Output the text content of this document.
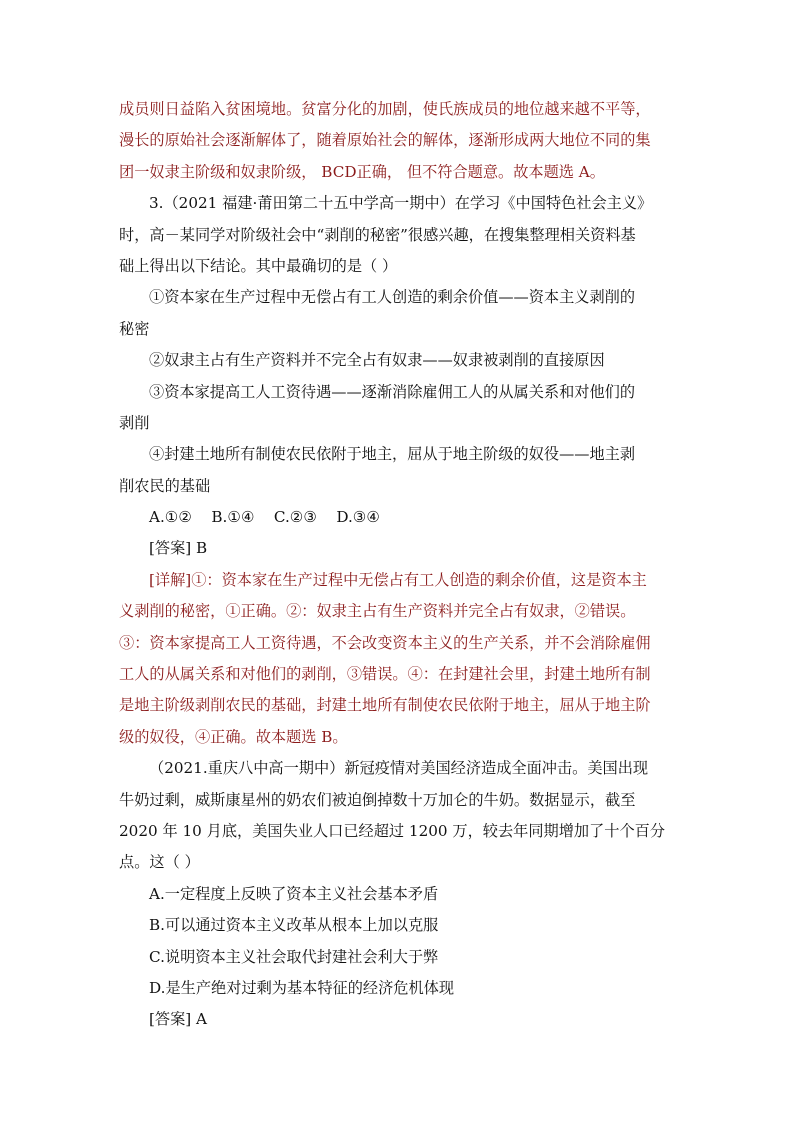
成员则日益陷入贫困境地。贫富分化的加剧，使氏族成员的地位越来越不平等，
漫长的原始社会逐渐解体了，随着原始社会的解体，逐渐形成两大地位不同的集
团一奴隶主阶级和奴隶阶级， BCD正确， 但不符合题意。故本题选 A。
3.（2021 福建·莆田第二十五中学高一期中）在学习《中国特色社会主义》
时，高－某同学对阶级社会中“剥削的秘密”很感兴趣，在搜集整理相关资料基
础上得出以下结论。其中最确切的是（ ）
①资本家在生产过程中无偿占有工人创造的剩余价值——资本主义剥削的
秘密
②奴隶主占有生产资料并不完全占有奴隶——奴隶被剥削的直接原因
③资本家提高工人工资待遇——逐渐消除雇佣工人的从属关系和对他们的
剥削
④封建土地所有制使农民依附于地主，屈从于地主阶级的奴役——地主剥
削农民的基础
A.①②    B.①④    C.②③    D.③④
[答案] B
[详解]①：资本家在生产过程中无偿占有工人创造的剩余价值，这是资本主
义剥削的秘密，①正确。②：奴隶主占有生产资料并完全占有奴隶，②错误。
③：资本家提高工人工资待遇，不会改变资本主义的生产关系，并不会消除雇佣
工人的从属关系和对他们的剥削，③错误。④：在封建社会里，封建土地所有制
是地主阶级剥削农民的基础，封建土地所有制使农民依附于地主，屈从于地主阶
级的奴役，④正确。故本题选 B。
（2021.重庆八中高一期中）新冠疫情对美国经济造成全面冲击。美国出现
牛奶过剩，威斯康星州的奶农们被迫倒掉数十万加仑的牛奶。数据显示，截至
2020 年 10 月底，美国失业人口已经超过 1200 万，较去年同期增加了十个百分
点。这（ ）
A.一定程度上反映了资本主义社会基本矛盾
B.可以通过资本主义改革从根本上加以克服
C.说明资本主义社会取代封建社会利大于弊
D.是生产绝对过剩为基本特征的经济危机体现
[答案] A
